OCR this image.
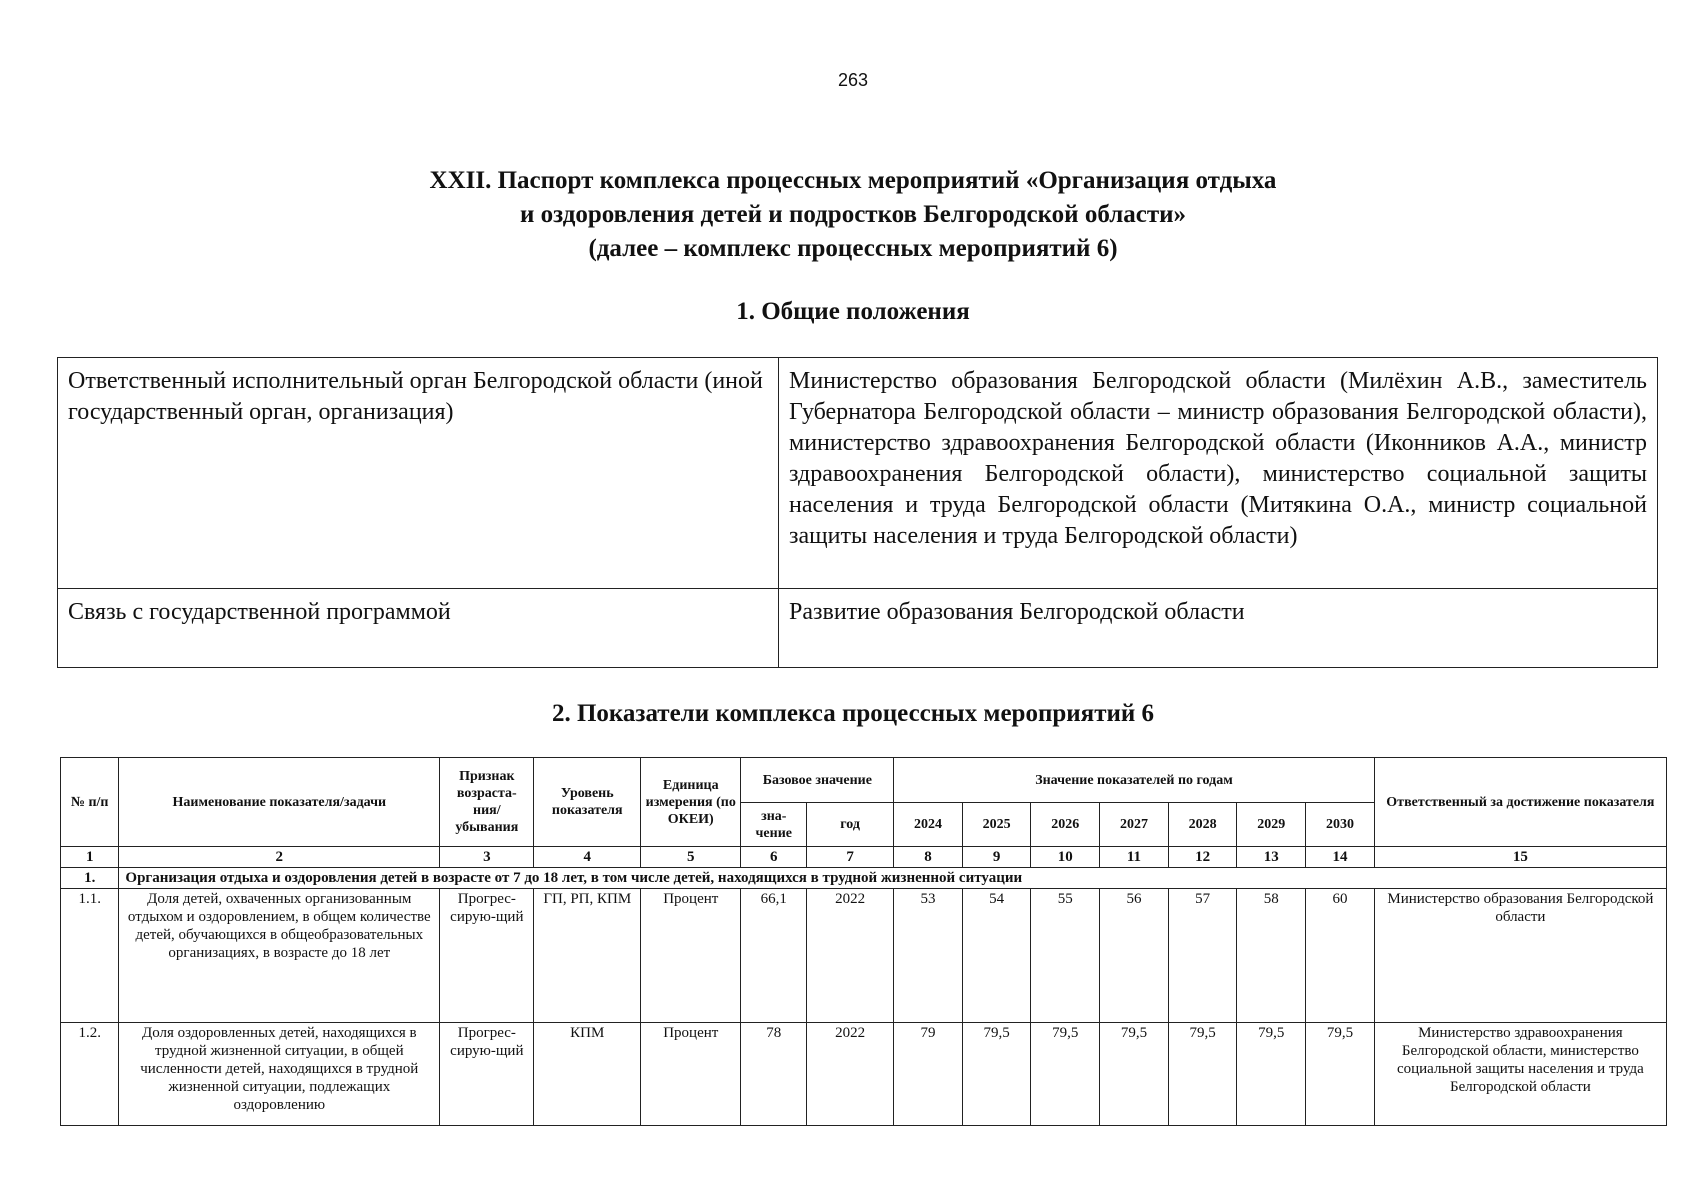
263
XXII. Паспорт комплекса процессных мероприятий «Организация отдыха
и оздоровления детей и подростков Белгородской области»
(далее – комплекс процессных мероприятий 6)
1. Общие положения
Ответственный исполнительный орган Белгородской области (иной государственный орган, организация)	Министерство образования Белгородской области (Милёхин А.В., заместитель Губернатора Белгородской области – министр образования Белгородской области), министерство здравоохранения Белгородской области (Иконников А.А., министр здравоохранения Белгородской области), министерство социальной защиты населения и труда Белгородской области (Митякина О.А., министр социальной защиты населения и труда Белгородской области)
Связь с государственной программой	Развитие образования Белгородской области
2. Показатели комплекса процессных мероприятий 6
№ п/п	Наименование показателя/задачи	Признак возраста-ния/ убывания	Уровень показателя	Единица измерения (по ОКЕИ)	Базовое значение		Значение показателей по годам							Ответственный за достижение показателя
					зна-чение	год	2024	2025	2026	2027	2028	2029	2030	
1	2	3	4	5	6	7	8	9	10	11	12	13	14	15
1.	Организация отдыха и оздоровления детей в возрасте от 7 до 18 лет, в том числе детей, находящихся в трудной жизненной ситуации													
1.1.	Доля детей, охваченных организованным отдыхом и оздоровлением, в общем количестве детей, обучающихся в общеобразовательных организациях, в возрасте до 18 лет	Прогрес-сирую-щий	ГП, РП, КПМ	Процент	66,1	2022	53	54	55	56	57	58	60	Министерство образования Белгородской области
1.2.	Доля оздоровленных детей, находящихся в трудной жизненной ситуации, в общей численности детей, находящихся в трудной жизненной ситуации, подлежащих оздоровлению	Прогрес-сирую-щий	КПМ	Процент	78	2022	79	79,5	79,5	79,5	79,5	79,5	79,5	Министерство здравоохранения Белгородской области, министерство социальной защиты населения и труда Белгородской области
